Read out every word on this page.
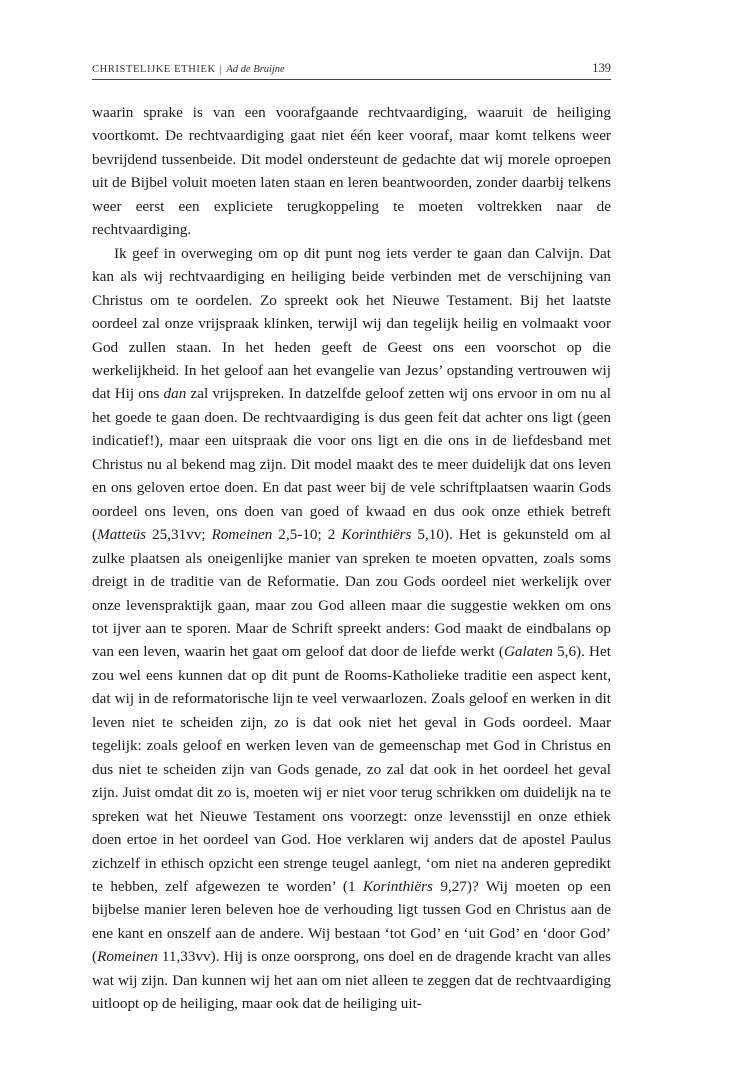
CHRISTELIJKE ETHIEK | Ad de Bruijne	139

waarin sprake is van een voorafgaande rechtvaardiging, waaruit de heiliging voortkomt. De rechtvaardiging gaat niet één keer vooraf, maar komt telkens weer bevrijdend tussenbeide. Dit model ondersteunt de gedachte dat wij morele oproepen uit de Bijbel voluit moeten laten staan en leren beantwoorden, zonder daarbij telkens weer eerst een expliciete terugkoppeling te moeten voltrekken naar de rechtvaardiging.

Ik geef in overweging om op dit punt nog iets verder te gaan dan Calvijn. Dat kan als wij rechtvaardiging en heiliging beide verbinden met de verschijning van Christus om te oordelen. Zo spreekt ook het Nieuwe Testament. Bij het laatste oordeel zal onze vrijspraak klinken, terwijl wij dan tegelijk heilig en volmaakt voor God zullen staan. In het heden geeft de Geest ons een voorschot op die werkelijkheid. In het geloof aan het evangelie van Jezus’ opstanding vertrouwen wij dat Hij ons dan zal vrijspreken. In datzelfde geloof zetten wij ons ervoor in om nu al het goede te gaan doen. De rechtvaardiging is dus geen feit dat achter ons ligt (geen indicatief!), maar een uitspraak die voor ons ligt en die ons in de liefdesband met Christus nu al bekend mag zijn. Dit model maakt des te meer duidelijk dat ons leven en ons geloven ertoe doen. En dat past weer bij de vele schriftplaatsen waarin Gods oordeel ons leven, ons doen van goed of kwaad en dus ook onze ethiek betreft (Matteüs 25,31vv; Romeinen 2,5-10; 2 Korinthiërs 5,10). Het is gekunsteld om al zulke plaatsen als oneigenlijke manier van spreken te moeten opvatten, zoals soms dreigt in de traditie van de Reformatie. Dan zou Gods oordeel niet werkelijk over onze levenspraktijk gaan, maar zou God alleen maar die suggestie wekken om ons tot ijver aan te sporen. Maar de Schrift spreekt anders: God maakt de eindbalans op van een leven, waarin het gaat om geloof dat door de liefde werkt (Galaten 5,6). Het zou wel eens kunnen dat op dit punt de Rooms-Katholieke traditie een aspect kent, dat wij in de reformatorische lijn te veel verwaarlozen. Zoals geloof en werken in dit leven niet te scheiden zijn, zo is dat ook niet het geval in Gods oordeel. Maar tegelijk: zoals geloof en werken leven van de gemeenschap met God in Christus en dus niet te scheiden zijn van Gods genade, zo zal dat ook in het oordeel het geval zijn. Juist omdat dit zo is, moeten wij er niet voor terug schrikken om duidelijk na te spreken wat het Nieuwe Testament ons voorzegt: onze levensstijl en onze ethiek doen ertoe in het oordeel van God. Hoe verklaren wij anders dat de apostel Paulus zichzelf in ethisch opzicht een strenge teugel aanlegt, ‘om niet na anderen gepredikt te hebben, zelf afgewezen te worden’ (1 Korinthiërs 9,27)? Wij moeten op een bijbelse manier leren beleven hoe de verhouding ligt tussen God en Christus aan de ene kant en onszelf aan de andere. Wij bestaan ‘tot God’ en ‘uit God’ en ‘door God’ (Romeinen 11,33vv). Hij is onze oorsprong, ons doel en de dragende kracht van alles wat wij zijn. Dan kunnen wij het aan om niet alleen te zeggen dat de rechtvaardiging uitloopt op de heiliging, maar ook dat de heiliging uit-
